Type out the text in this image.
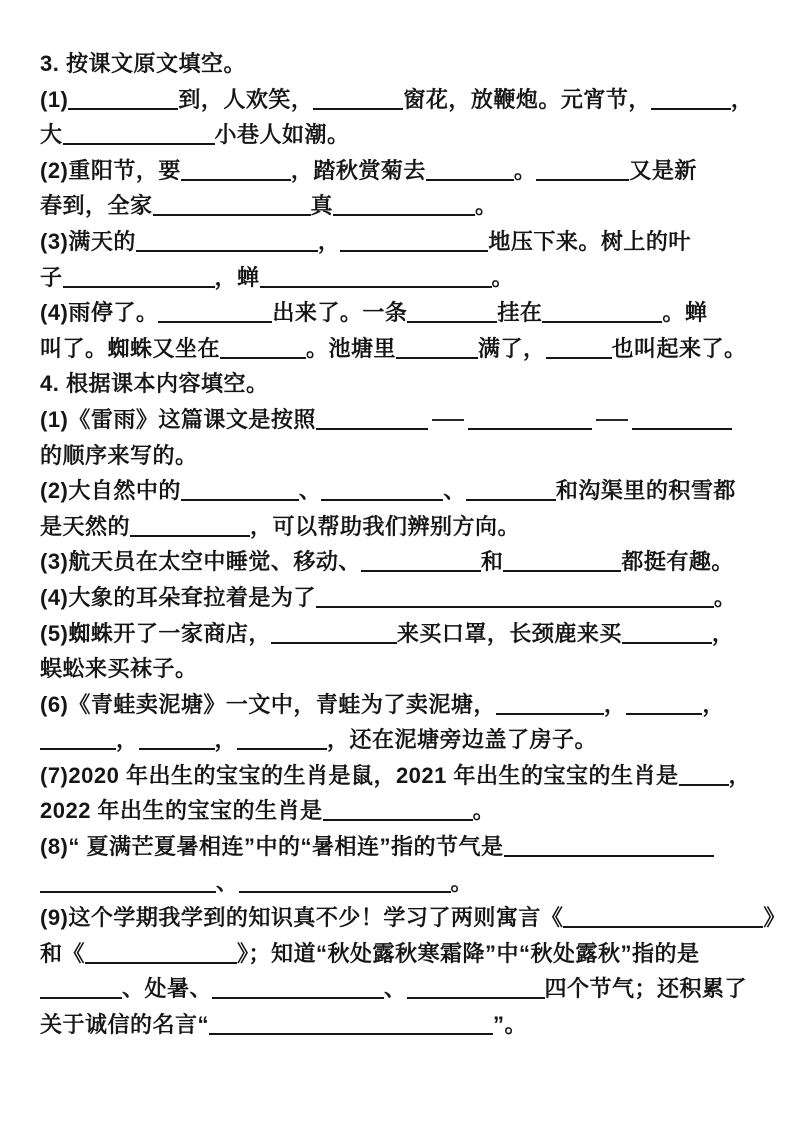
3. 按课文原文填空。
(1)	到，人欢笑，	窗花，放鞭炮。元宵节，	，
大	小巷人如潮。
(2)重阳节，要	，踏秋赏菊去	。	又是新
春到，全家	真	。
(3)满天的	，	地压下来。树上的叶
子	，蝉	。
(4)雨停了。	出来了。一条	挂在	。蝉
叫了。蜘蛛又坐在	。池塘里	满了，	也叫起来了。
4. 根据课本内容填空。
(1)《雷雨》这篇课文是按照
的顺序来写的。
(2)大自然中的	、	、	和沟渠里的积雪都
是天然的	，可以帮助我们辨别方向。
(3)航天员在太空中睡觉、移动、	和	都挺有趣。
(4)大象的耳朵耷拉着是为了	。
(5)蜘蛛开了一家商店，	来买口罩，长颈鹿来买	，
蜈蚣来买袜子。
(6)《青蛙卖泥塘》一文中，青蛙为了卖泥塘，	，	，
，	，	，还在泥塘旁边盖了房子。
(7)2020 年出生的宝宝的生肖是鼠，2021 年出生的宝宝的生肖是 ，
2022 年出生的宝宝的生肖是	。
(8)“ 夏满芒夏暑相连”中的“暑相连”指的节气是
、	。
(9)这个学期我学到的知识真不少！学习了两则寓言《	》
和《	》；知道“秋处露秋寒霜降”中“秋处露秋”指的是
、处暑、	、	四个节气；还积累了
关于诚信的名言“	”。
